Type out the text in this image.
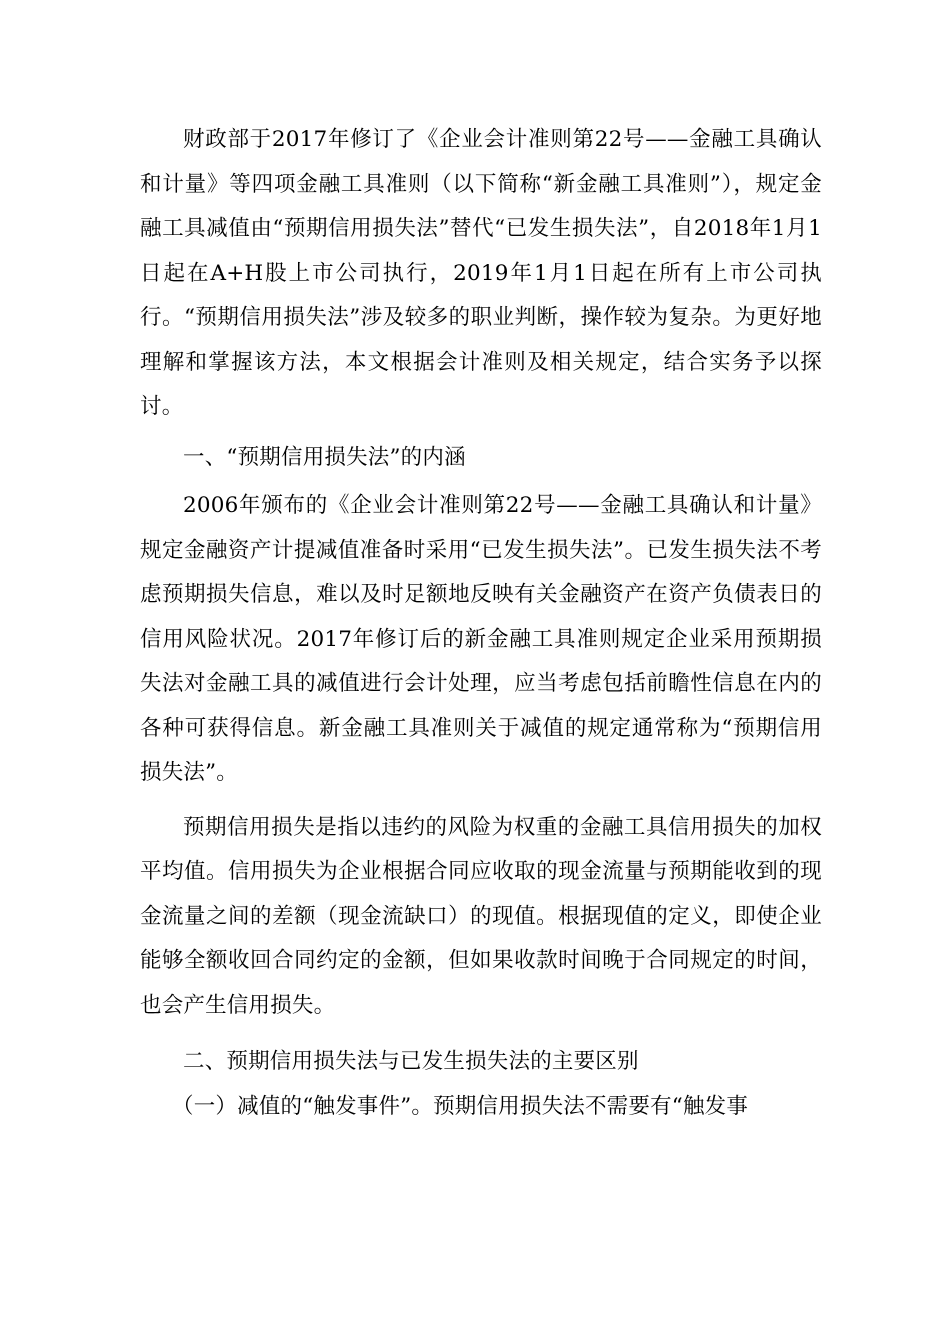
财政部于2017年修订了《企业会计准则第22号——金融工具确认和计量》等四项金融工具准则（以下简称“新金融工具准则”），规定金融工具减值由“预期信用损失法”替代“已发生损失法”，自2018年1月1日起在A+H股上市公司执行，2019年1月1日起在所有上市公司执行。“预期信用损失法”涉及较多的职业判断，操作较为复杂。为更好地理解和掌握该方法，本文根据会计准则及相关规定，结合实务予以探讨。

一、“预期信用损失法”的内涵

2006年颁布的《企业会计准则第22号——金融工具确认和计量》规定金融资产计提减值准备时采用“已发生损失法”。已发生损失法不考虑预期损失信息，难以及时足额地反映有关金融资产在资产负债表日的信用风险状况。2017年修订后的新金融工具准则规定企业采用预期损失法对金融工具的减值进行会计处理，应当考虑包括前瞻性信息在内的各种可获得信息。新金融工具准则关于减值的规定通常称为“预期信用损失法”。

预期信用损失是指以违约的风险为权重的金融工具信用损失的加权平均值。信用损失为企业根据合同应收取的现金流量与预期能收到的现金流量之间的差额（现金流缺口）的现值。根据现值的定义，即使企业能够全额收回合同约定的金额，但如果收款时间晚于合同规定的时间，也会产生信用损失。

二、预期信用损失法与已发生损失法的主要区别

（一）减值的“触发事件”。预期信用损失法不需要有“触发事
